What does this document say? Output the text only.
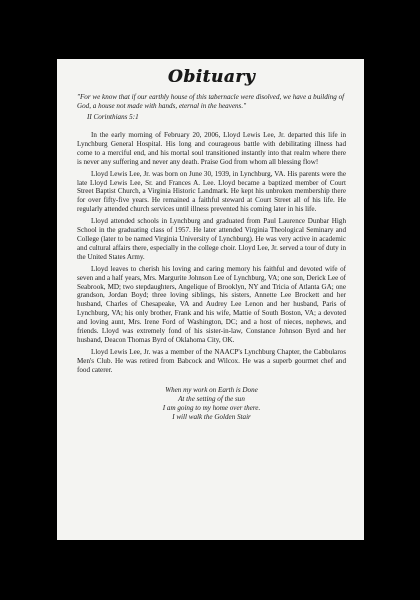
Obituary
"For we know that if our earthly house of this tabernacle were disolved, we have a building of God, a house not made with hands, eternal in the heavens."
II Corinthians 5:1

In the early morning of February 20, 2006, Lloyd Lewis Lee, Jr. departed this life in Lynchburg General Hospital. His long and courageous battle with debilitating illness had come to a merciful end, and his mortal soul transitioned instantly into that realm where there is never any suffering and never any death. Praise God from whom all blessing flow!

Lloyd Lewis Lee, Jr. was born on June 30, 1939, in Lynchburg, VA. His parents were the late Lloyd Lewis Lee, Sr. and Frances A. Lee. Lloyd became a baptized member of Court Street Baptist Church, a Virginia Historic Landmark. He kept his unbroken membership there for over fifty-five years. He remained a faithful steward at Court Street all of his life. He regularly attended church services until illness prevented his coming later in his life.

Lloyd attended schools in Lynchburg and graduated from Paul Laurence Dunbar High School in the graduating class of 1957. He later attended Virginia Theological Seminary and College (later to be named Virginia University of Lynchburg). He was very active in academic and cultural affairs there, especially in the college choir. Lloyd Lee, Jr. served a tour of duty in the United States Army.

Lloyd leaves to cherish his loving and caring memory his faithful and devoted wife of seven and a half years, Mrs. Margurite Johnson Lee of Lynchburg, VA; one son, Derick Lee of Seabrook, MD; two stepdaughters, Angelique of Brooklyn, NY and Tricia of Atlanta GA; one grandson, Jordan Boyd; three loving siblings, his sisters, Annette Lee Brockett and her husband, Charles of Chesapeake, VA and Audrey Lee Lenon and her husband, Paris of Lynchburg, VA; his only brother, Frank and his wife, Mattie of South Boston, VA; a devoted and loving aunt, Mrs. Irene Ford of Washington, DC; and a host of nieces, nephews, and friends. Lloyd was extremely fond of his sister-in-law, Constance Johnson Byrd and her husband, Deacon Thomas Byrd of Oklahoma City, OK.

Lloyd Lewis Lee, Jr. was a member of the NAACP's Lynchburg Chapter, the Cabbularos Men's Club. He was retired from Babcock and Wilcox. He was a superb gourmet chef and food caterer.

When my work on Earth is Done
At the setting of the sun
I am going to my home over there.
I will walk the Golden Stair
